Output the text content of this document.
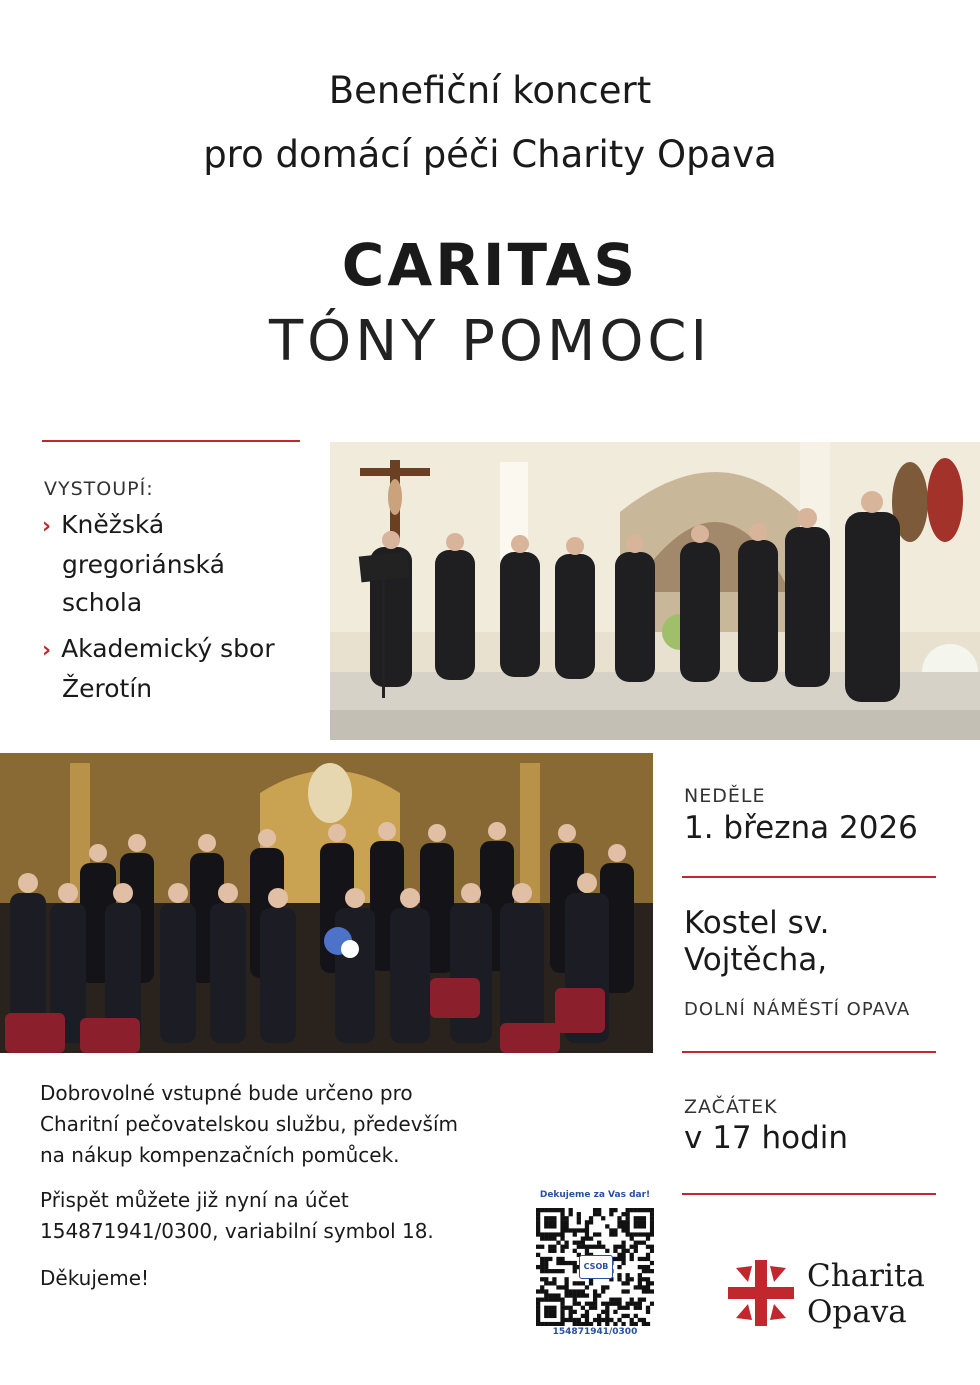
Benefiční koncert
pro domácí péči Charity Opava
CARITAS
TÓNY POMOCI
VYSTOUPÍ:
› Kněžská
gregoriánská
schola
› Akademický sbor
Žerotín
NEDĚLE
1. března 2026
Kostel sv.
Vojtěcha,
DOLNÍ NÁMĚSTÍ OPAVA
ZAČÁTEK
v 17 hodin
Dobrovolné vstupné bude určeno pro
Charitní pečovatelskou službu, především
na nákup kompenzačních pomůcek.
Přispět můžete již nyní na účet
154871941/0300, variabilní symbol 18.
Děkujeme!
Dekujeme za Vas dar!
CSOB
154871941/0300
Charita
Opava
